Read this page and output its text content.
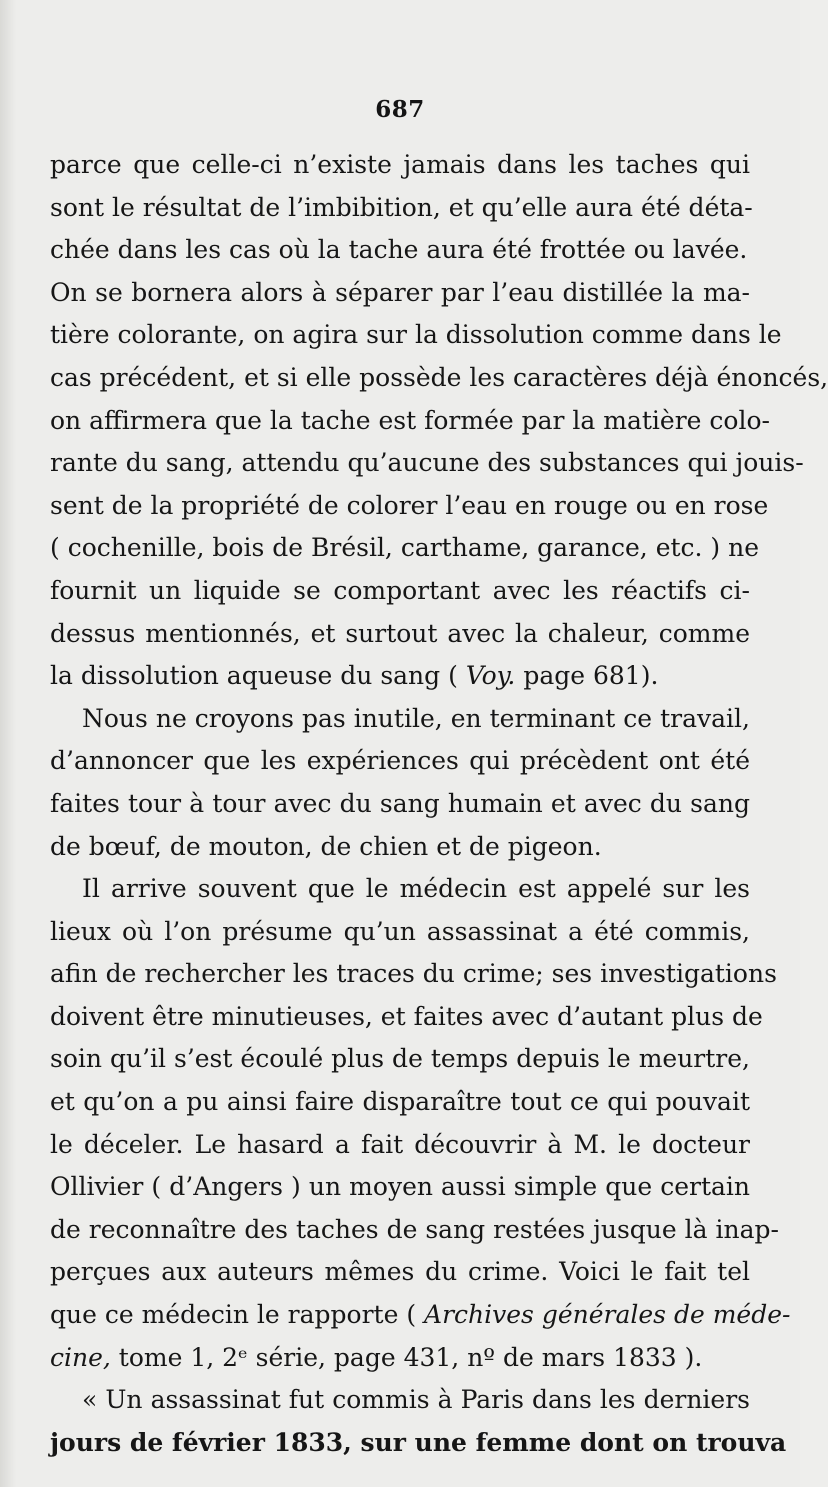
687
parce que celle-ci n’existe jamais dans les taches qui
sont le résultat de l’imbibition, et qu’elle aura été déta-
chée dans les cas où la tache aura été frottée ou lavée.
On se bornera alors à séparer par l’eau distillée la ma-
tière colorante, on agira sur la dissolution comme dans le
cas précédent, et si elle possède les caractères déjà énoncés,
on affirmera que la tache est formée par la matière colo-
rante du sang, attendu qu’aucune des substances qui jouis-
sent de la propriété de colorer l’eau en rouge ou en rose
( cochenille, bois de Brésil, carthame, garance, etc. ) ne
fournit un liquide se comportant avec les réactifs ci-
dessus mentionnés, et surtout avec la chaleur, comme
la dissolution aqueuse du sang ( Voy. page 681).
Nous ne croyons pas inutile, en terminant ce travail,
d’annoncer que les expériences qui précèdent ont été
faites tour à tour avec du sang humain et avec du sang
de bœuf, de mouton, de chien et de pigeon.
Il arrive souvent que le médecin est appelé sur les
lieux où l’on présume qu’un assassinat a été commis,
afin de rechercher les traces du crime; ses investigations
doivent être minutieuses, et faites avec d’autant plus de
soin qu’il s’est écoulé plus de temps depuis le meurtre,
et qu’on a pu ainsi faire disparaître tout ce qui pouvait
le déceler. Le hasard a fait découvrir à M. le docteur
Ollivier ( d’Angers ) un moyen aussi simple que certain
de reconnaître des taches de sang restées jusque là inap-
perçues aux auteurs mêmes du crime. Voici le fait tel
que ce médecin le rapporte ( Archives générales de méde-
cine, tome 1, 2ᵉ série, page 431, nº de mars 1833 ).
« Un assassinat fut commis à Paris dans les derniers
jours de février 1833, sur une femme dont on trouva
